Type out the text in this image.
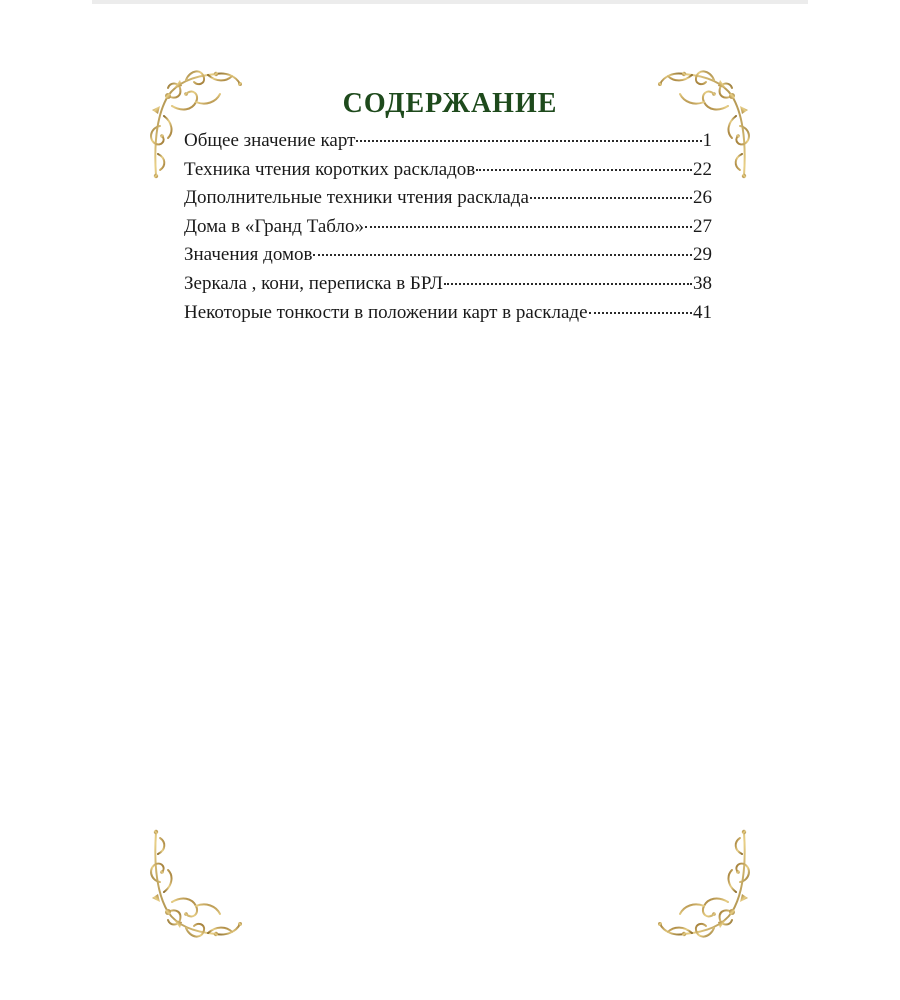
СОДЕРЖАНИЕ
Общее значение карт	1
Техника чтения коротких раскладов	22
Дополнительные техники чтения расклада	26
Дома в «Гранд Табло»	27
Значения домов	29
Зеркала , кони, переписка в БРЛ	38
Некоторые тонкости в положении карт в раскладе	41
